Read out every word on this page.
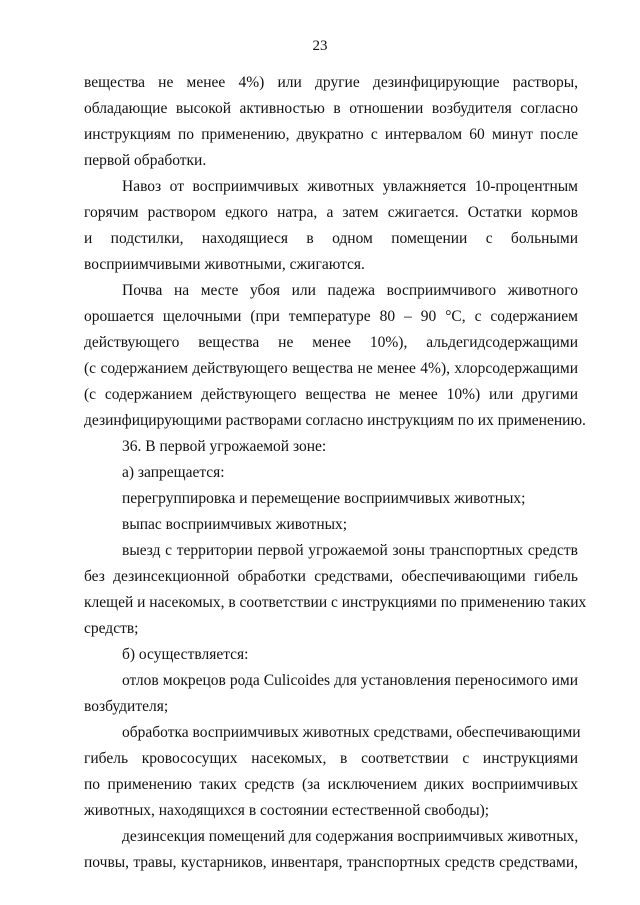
23
вещества не менее 4%) или другие дезинфицирующие растворы,
обладающие высокой активностью в отношении возбудителя согласно
инструкциям по применению, двукратно с интервалом 60 минут после
первой обработки.
Навоз от восприимчивых животных увлажняется 10-процентным
горячим раствором едкого натра, а затем сжигается. Остатки кормов
и подстилки, находящиеся в одном помещении с больными
восприимчивыми животными, сжигаются.
Почва на месте убоя или падежа восприимчивого животного
орошается щелочными (при температуре 80 – 90 °С, с содержанием
действующего вещества не менее 10%), альдегидсодержащими
(с содержанием действующего вещества не менее 4%), хлорсодержащими
(с содержанием действующего вещества не менее 10%) или другими
дезинфицирующими растворами согласно инструкциям по их применению.
36. В первой угрожаемой зоне:
а) запрещается:
перегруппировка и перемещение восприимчивых животных;
выпас восприимчивых животных;
выезд с территории первой угрожаемой зоны транспортных средств
без дезинсекционной обработки средствами, обеспечивающими гибель
клещей и насекомых, в соответствии с инструкциями по применению таких
средств;
б) осуществляется:
отлов мокрецов рода Culicoides для установления переносимого ими
возбудителя;
обработка восприимчивых животных средствами, обеспечивающими
гибель кровососущих насекомых, в соответствии с инструкциями
по применению таких средств (за исключением диких восприимчивых
животных, находящихся в состоянии естественной свободы);
дезинсекция помещений для содержания восприимчивых животных,
почвы, травы, кустарников, инвентаря, транспортных средств средствами,
